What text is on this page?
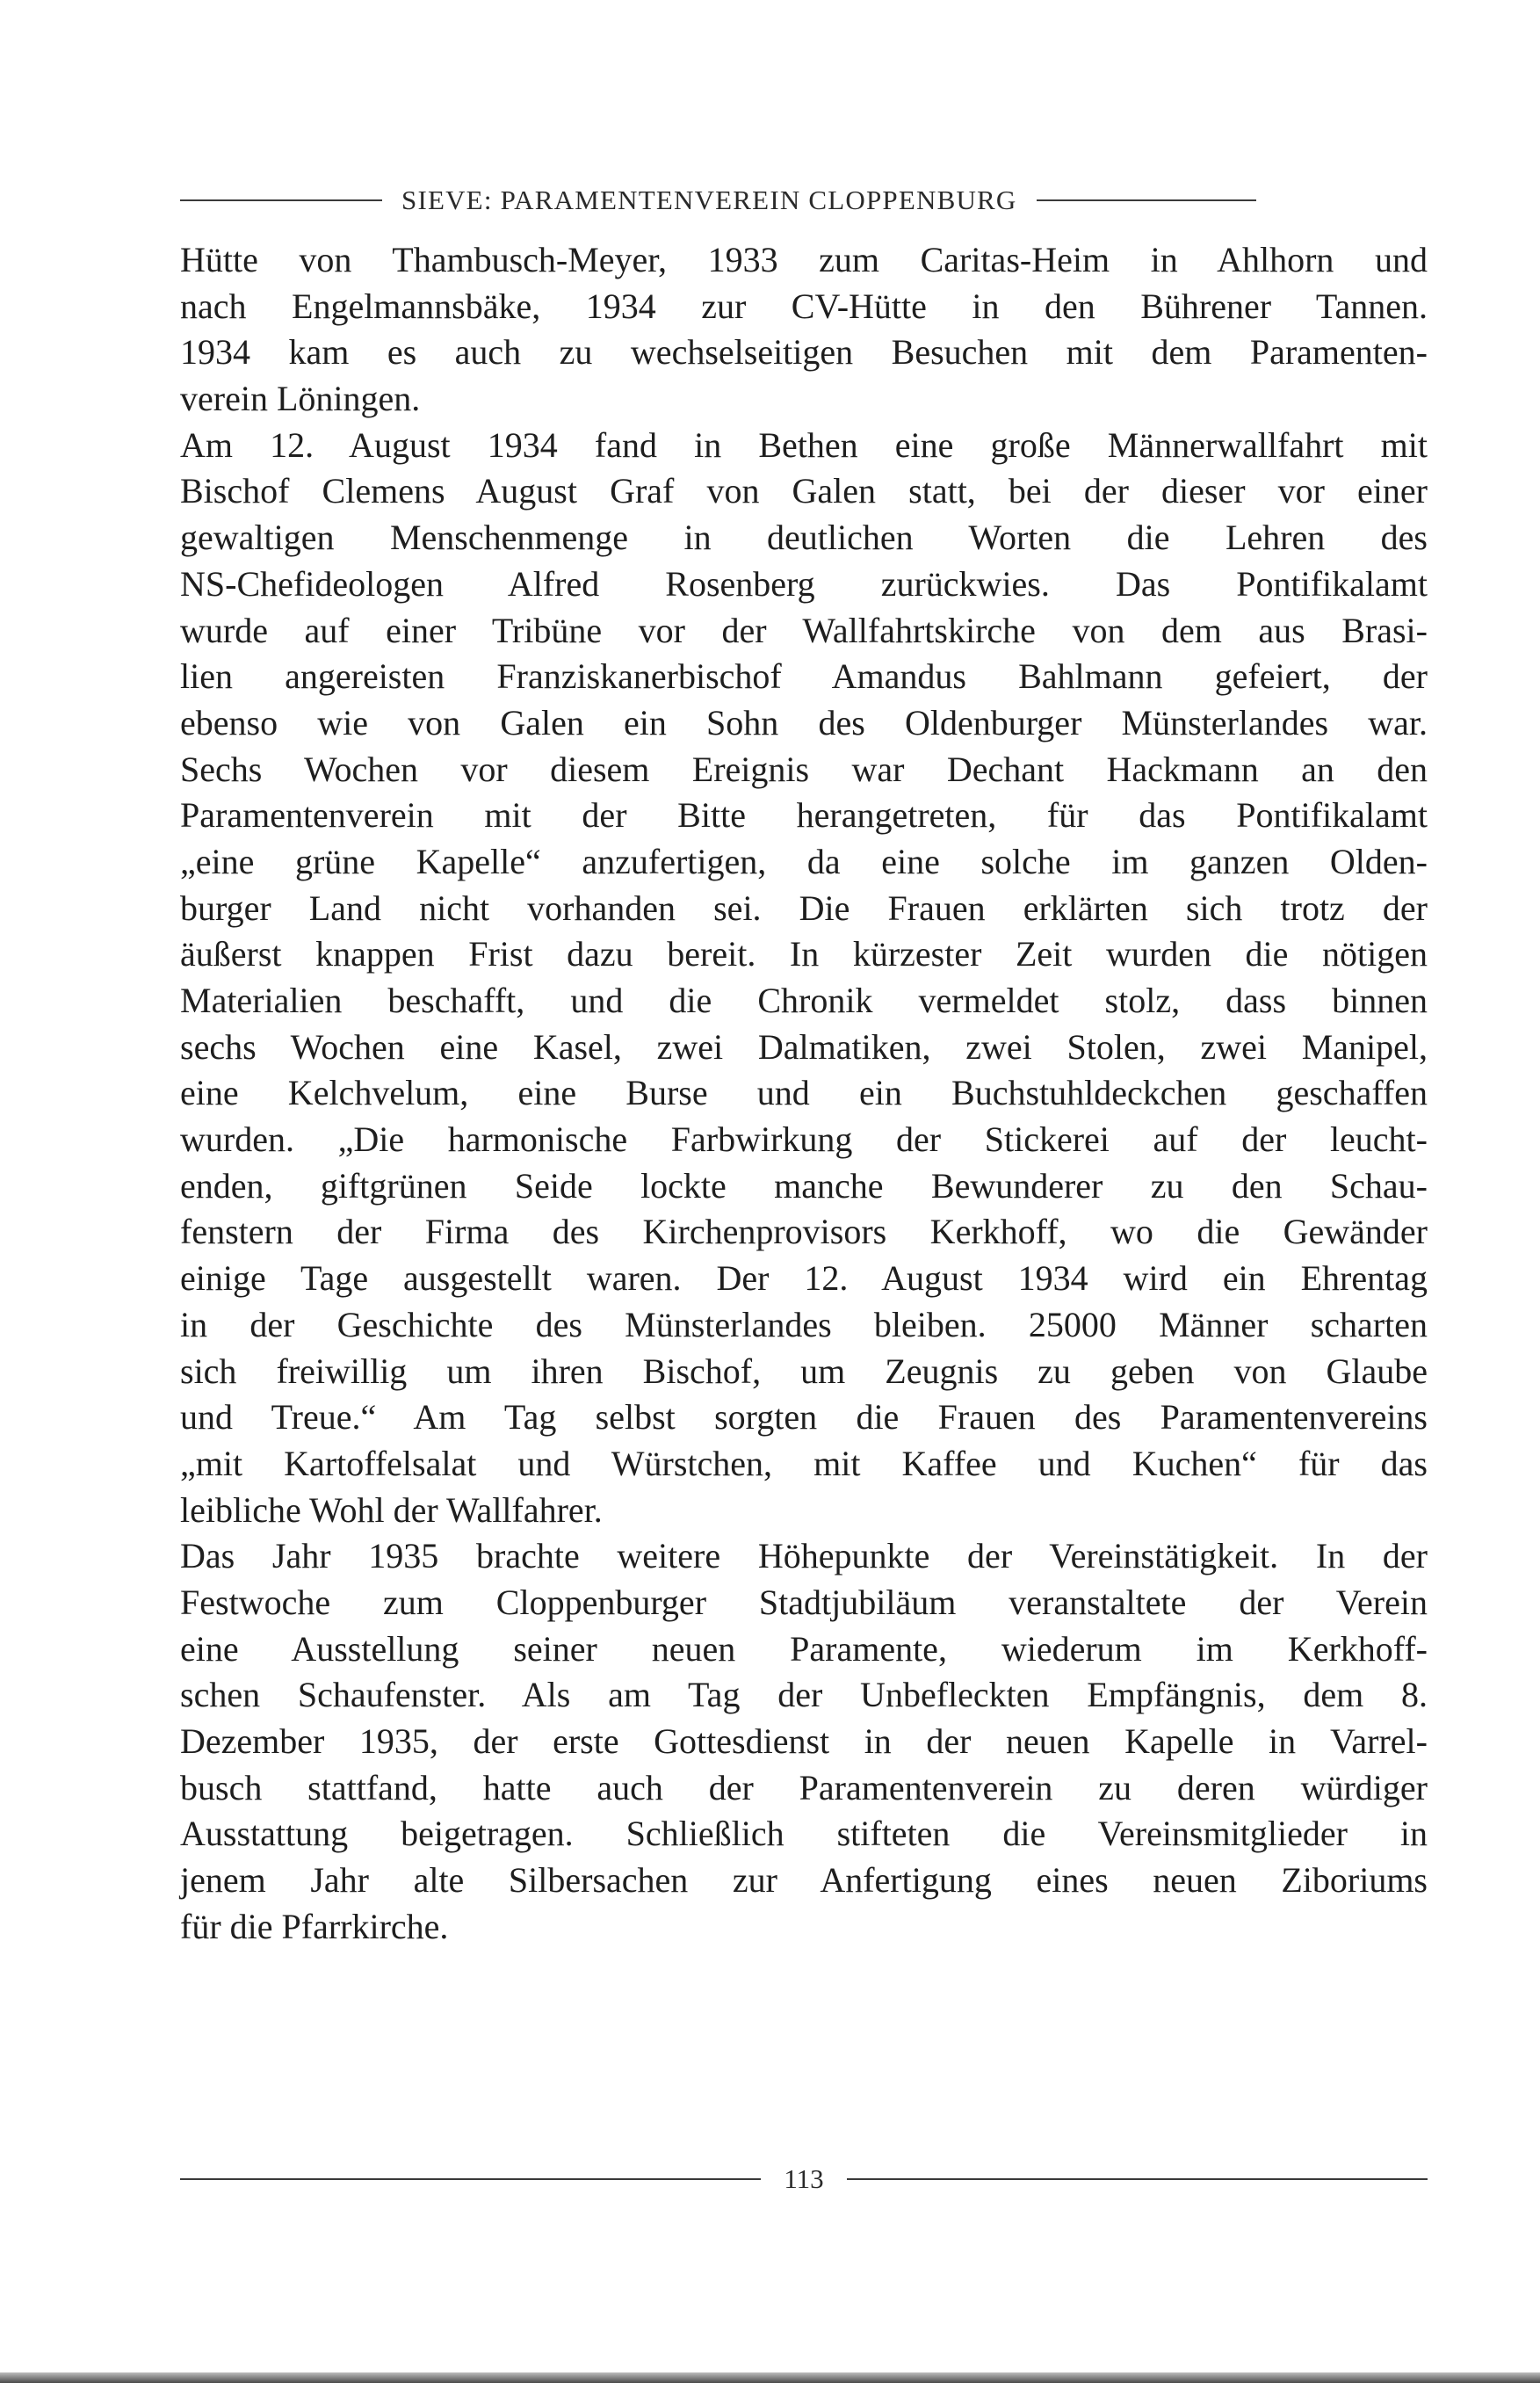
SIEVE: PARAMENTENVEREIN CLOPPENBURG
Hütte von Thambusch-Meyer, 1933 zum Caritas-Heim in Ahlhorn und
nach Engelmannsbäke, 1934 zur CV-Hütte in den Bührener Tannen.
1934 kam es auch zu wechselseitigen Besuchen mit dem Paramenten-
verein Löningen.
Am 12. August 1934 fand in Bethen eine große Männerwallfahrt mit
Bischof Clemens August Graf von Galen statt, bei der dieser vor einer
gewaltigen Menschenmenge in deutlichen Worten die Lehren des
NS-Chefideologen Alfred Rosenberg zurückwies. Das Pontifikalamt
wurde auf einer Tribüne vor der Wallfahrtskirche von dem aus Brasi-
lien angereisten Franziskanerbischof Amandus Bahlmann gefeiert, der
ebenso wie von Galen ein Sohn des Oldenburger Münsterlandes war.
Sechs Wochen vor diesem Ereignis war Dechant Hackmann an den
Paramentenverein mit der Bitte herangetreten, für das Pontifikalamt
„eine grüne Kapelle“ anzufertigen, da eine solche im ganzen Olden-
burger Land nicht vorhanden sei. Die Frauen erklärten sich trotz der
äußerst knappen Frist dazu bereit. In kürzester Zeit wurden die nötigen
Materialien beschafft, und die Chronik vermeldet stolz, dass binnen
sechs Wochen eine Kasel, zwei Dalmatiken, zwei Stolen, zwei Manipel,
eine Kelchvelum, eine Burse und ein Buchstuhldeckchen geschaffen
wurden. „Die harmonische Farbwirkung der Stickerei auf der leucht-
enden, giftgrünen Seide lockte manche Bewunderer zu den Schau-
fenstern der Firma des Kirchenprovisors Kerkhoff, wo die Gewänder
einige Tage ausgestellt waren. Der 12. August 1934 wird ein Ehrentag
in der Geschichte des Münsterlandes bleiben. 25000 Männer scharten
sich freiwillig um ihren Bischof, um Zeugnis zu geben von Glaube
und Treue.“ Am Tag selbst sorgten die Frauen des Paramentenvereins
„mit Kartoffelsalat und Würstchen, mit Kaffee und Kuchen“ für das
leibliche Wohl der Wallfahrer.
Das Jahr 1935 brachte weitere Höhepunkte der Vereinstätigkeit. In der
Festwoche zum Cloppenburger Stadtjubiläum veranstaltete der Verein
eine Ausstellung seiner neuen Paramente, wiederum im Kerkhoff-
schen Schaufenster. Als am Tag der Unbefleckten Empfängnis, dem 8.
Dezember 1935, der erste Gottesdienst in der neuen Kapelle in Varrel-
busch stattfand, hatte auch der Paramentenverein zu deren würdiger
Ausstattung beigetragen. Schließlich stifteten die Vereinsmitglieder in
jenem Jahr alte Silbersachen zur Anfertigung eines neuen Ziboriums
für die Pfarrkirche.
113
